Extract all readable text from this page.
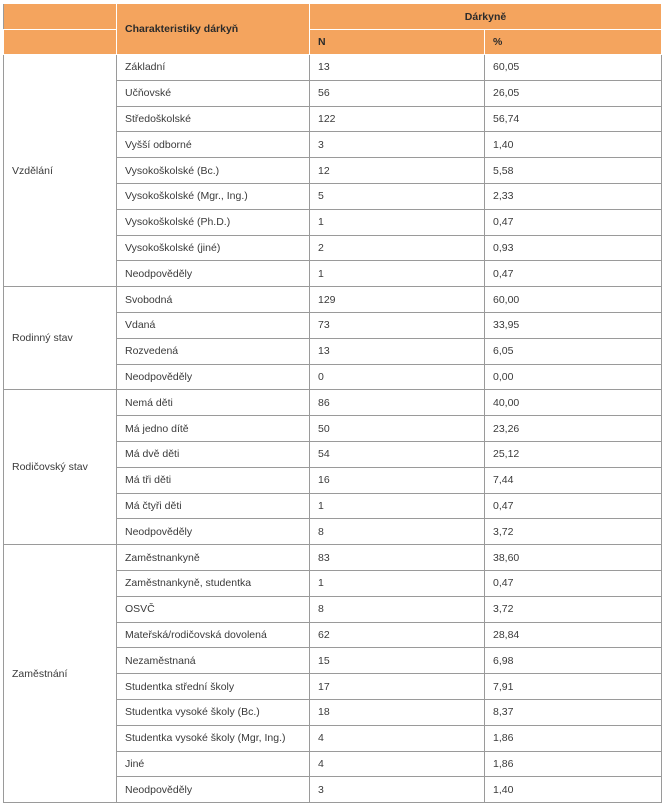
	Charakteristiky dárkyň	Dárkyně	
		N	%
Vzdělání	Základní	13	60,05
	Učňovské	56	26,05
	Středoškolské	122	56,74
	Vyšší odborné	3	1,40
	Vysokoškolské (Bc.)	12	5,58
	Vysokoškolské (Mgr., Ing.)	5	2,33
	Vysokoškolské (Ph.D.)	1	0,47
	Vysokoškolské (jiné)	2	0,93
	Neodpověděly	1	0,47
Rodinný stav	Svobodná	129	60,00
	Vdaná	73	33,95
	Rozvedená	13	6,05
	Neodpověděly	0	0,00
Rodičovský stav	Nemá děti	86	40,00
	Má jedno dítě	50	23,26
	Má dvě děti	54	25,12
	Má tři děti	16	7,44
	Má čtyři děti	1	0,47
	Neodpověděly	8	3,72
Zaměstnání	Zaměstnankyně	83	38,60
	Zaměstnankyně, studentka	1	0,47
	OSVČ	8	3,72
	Mateřská/rodičovská dovolená	62	28,84
	Nezaměstnaná	15	6,98
	Studentka střední školy	17	7,91
	Studentka vysoké školy (Bc.)	18	8,37
	Studentka vysoké školy (Mgr, Ing.)	4	1,86
	Jiné	4	1,86
	Neodpověděly	3	1,40
